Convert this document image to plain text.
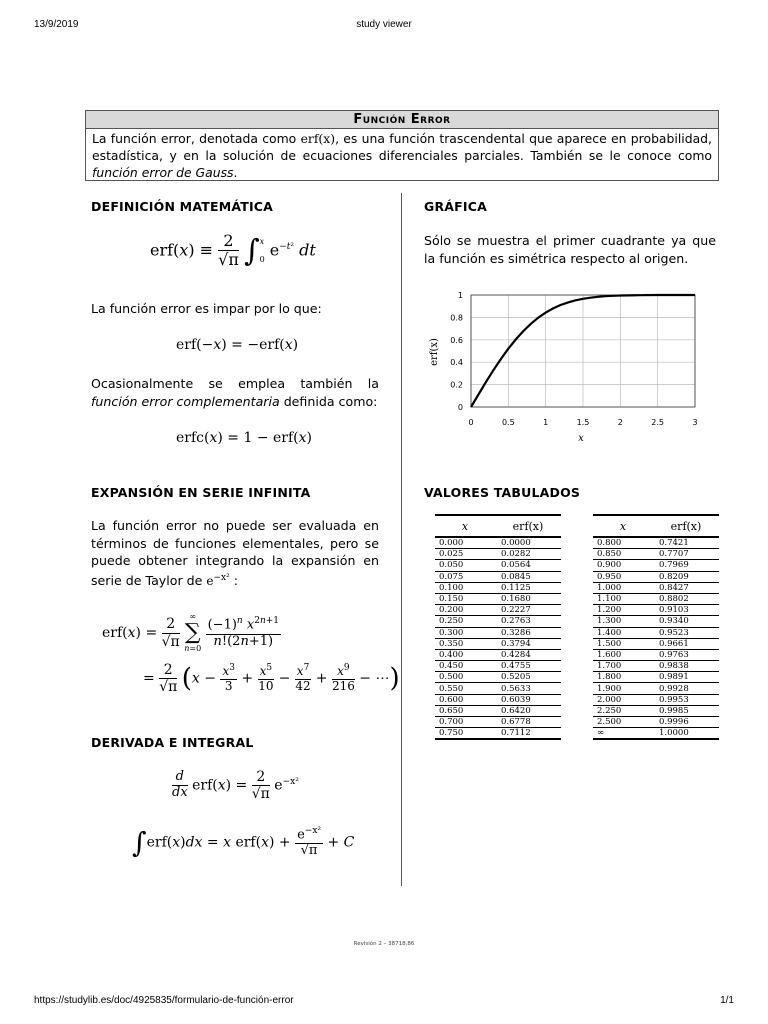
13/9/2019	study viewer
https://studylib.es/doc/4925835/formulario-de-función-error	1/1
Revisión 2 – 38718.86
Función Error
La función error, denotada como erf(x), es una función trascendental que aparece en probabilidad, estadística, y en la solución de ecuaciones diferenciales parciales. También se le conoce como función error de Gauss.
DEFINICIÓN MATEMÁTICA
$erf(x) \equiv \frac{2}{√\pi} \int x$
0 $e^{-t^2}$ dt
La función error es impar por lo que:
erf(−x) = −erf(x)
Ocasionalmente se emplea también la función error complementaria definida como:
erfc(x) = 1 − erf(x)
EXPANSIÓN EN SERIE INFINITA
La función error no puede ser evaluada en términos de funciones elementales, pero se puede obtener integrando la expansión en serie de Taylor de $e^{-x^2}$ :
$erf(x) = \frac{2}{√\pi}$ ∞
∑
$n=0 \frac{(-1)^n x^{2n+1}}{n!(2n+1)}$
= $\frac{2}{√\pi} (x - \frac{x^3}{3} + \frac{x^5}{10} - \frac{x^7}{42} + \frac{x^9}{216}$ − ⋯)
DERIVADA E INTEGRAL
$\frac{d}{dx} erf(x) = \frac{2}{√\pi} e^{-x^2}$
∫erf(x)dx = x $erf(x) + \frac{e^{-x^2}}{√\pi} + C$
GRÁFICA
Sólo se muestra el primer cuadrante ya que la función es simétrica respecto al origen.
0	0.5	1	1.5	2	2.5	3
0
0.2
0.4
0.6
0.8
1
x
erf(x)
VALORES TABULADOS
x	erf(x)
0.000	0.0000
0.025	0.0282
0.050	0.0564
0.075	0.0845
0.100	0.1125
0.150	0.1680
0.200	0.2227
0.250	0.2763
0.300	0.3286
0.350	0.3794
0.400	0.4284
0.450	0.4755
0.500	0.5205
0.550	0.5633
0.600	0.6039
0.650	0.6420
0.700	0.6778
0.750	0.7112
x	erf(x)
0.800	0.7421
0.850	0.7707
0.900	0.7969
0.950	0.8209
1.000	0.8427
1.100	0.8802
1.200	0.9103
1.300	0.9340
1.400	0.9523
1.500	0.9661
1.600	0.9763
1.700	0.9838
1.800	0.9891
1.900	0.9928
2.000	0.9953
2.250	0.9985
2.500	0.9996
∞	1.0000
